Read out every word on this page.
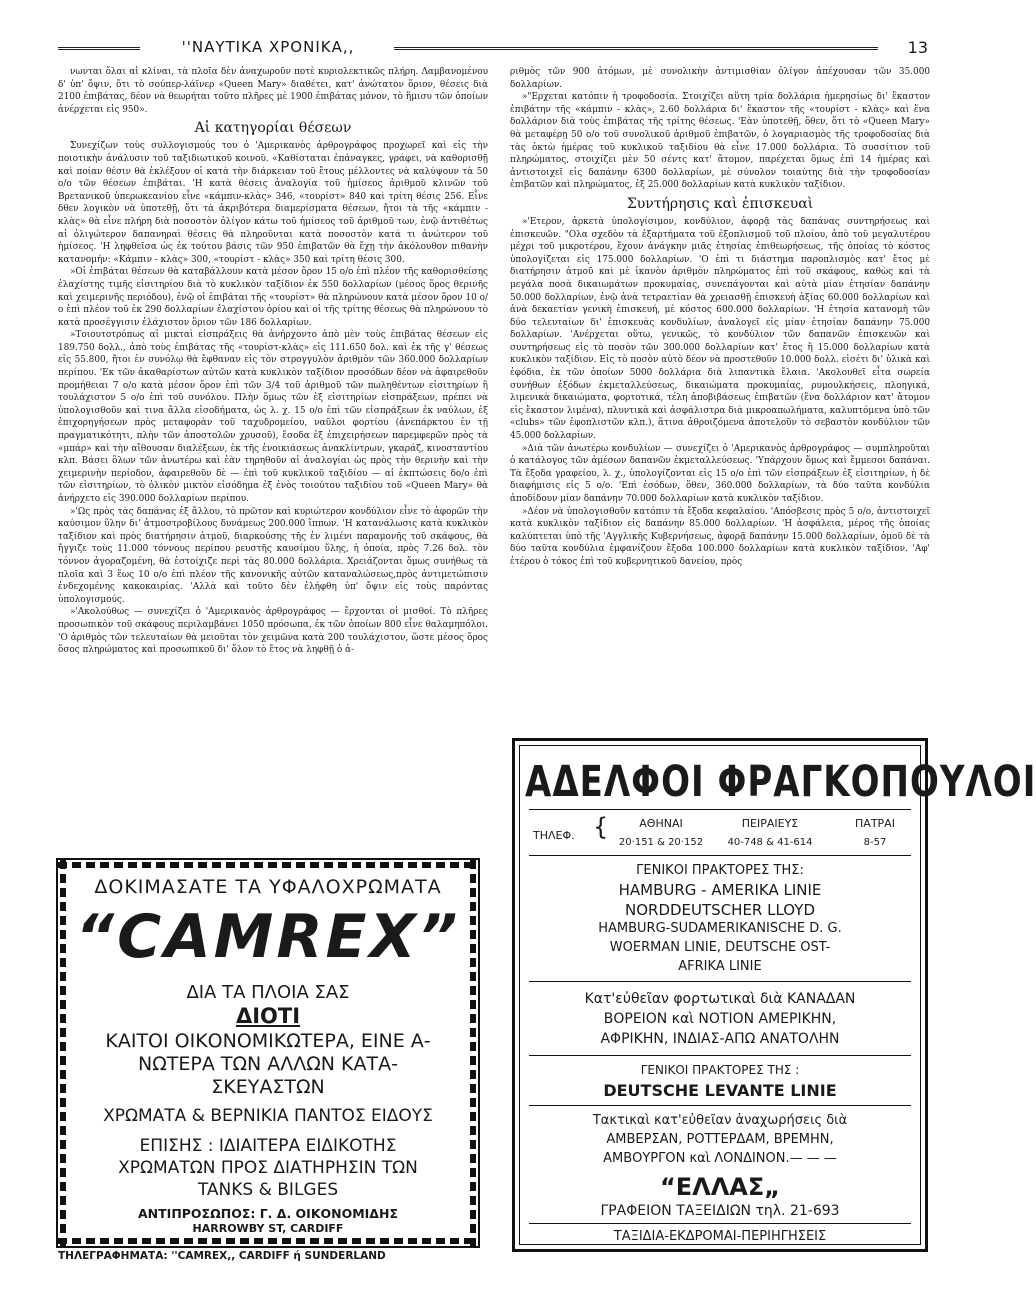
''ΝΑΥΤΙΚΑ ΧΡΟΝΙΚΑ,,	13

νωνται ὅλαι αἱ κλίναι, τὰ πλοῖα δὲν ἀναχωροῦν ποτὲ κυριολεκτικῶς πλήρη. Λαμβανομένου δ' ὑπ' ὄψιν, ὅτι τὸ σούπερ-λάϊνερ «Queen Mary» διαθέτει, κατ' ἀνώτατον ὅριον, θέσεις διὰ 2100 ἐπιβάτας, δέον νὰ θεωρήται τοῦτο πλῆρες μὲ 1900 ἐπιβάτας μόνον, τὸ ἥμισυ τῶν ὁποίων ἀνέρχεται εἰς 950».

Αἱ κατηγορίαι θέσεων

Συνεχίζων τοὺς συλλογισμούς του ὁ 'Αμερικανὸς ἀρθρογράφος προχωρεῖ καὶ εἰς τὴν ποιοτικὴν ἀνάλυσιν τοῦ ταξιδιωτικοῦ κοινοῦ. «Καθίσταται ἐπάναγκες, γράφει, νὰ καθορισθῇ καὶ ποίαν θέσιν θὰ ἐκλέξουν οἱ κατὰ τὴν διάρκειαν τοῦ ἔτους μέλλοντες νὰ καλύψουν τὰ 50 ο/ο τῶν θέσεων ἐπιβάται. 'Η κατὰ θέσεις ἀναλογία τοῦ ἡμίσεος ἀριθμοῦ κλινῶν τοῦ Βρετανικοῦ ὑπερωκεανίου εἶνε «κάμπιν-κλὰς» 346, «τουρίστ» 840 καὶ τρίτη θέσις 256. Εἶνε δθεν λογικὸν νὰ ὑποτεθῇ, ὅτι τὰ ἀκριβότερα διαμερίσματα θέσεων, ἤτοι τὰ τῆς «κάμπιν - κλὰς» θὰ εἶνε πλήρη διὰ ποσοστὸν ὀλίγον κάτω τοῦ ἡμίσεος τοῦ ἀριθμοῦ των, ἐνῷ ἀντιθέτως αἱ ὀλιγώτερον δαπανηραὶ θέσεις θὰ πληροῦνται κατὰ ποσοστὸν κατά τι ἀνώτερον τοῦ ἡμίσεος. 'Η ληφθεῖσα ὡς ἐκ τούτου βάσις τῶν 950 ἐπιβατῶν θὰ ἔχῃ τὴν ἀκόλουθον πιθανὴν κατανομήν: «Κάμπιν - κλὰς» 300, «τουρίστ - κλὰς» 350 καὶ τρίτη θέσις 300.

»Οἱ ἐπιβάται θέσεων θὰ καταβάλλουν κατὰ μέσον ὅρον 15 ο/ο ἐπὶ πλέον τῆς καθορισθείσης ἐλαχίστης τιμῆς εἰσιτηρίου διὰ τὸ κυκλικὸν ταξίδιον ἐκ 550 δολλαρίων (μέσος ὅρος θερινῆς καὶ χειμερινῆς περιόδου), ἐνῷ οἱ ἐπιβάται τῆς «τουρίστ» θὰ πληρώνουν κατὰ μέσον ὅρον 10 ο/ο ἐπὶ πλέον τοῦ ἐκ 290 δολλαρίων ἐλαχίστου ὁρίου καὶ οἱ τῆς τρίτης θέσεως θὰ πληρώνουν τὸ κατὰ προσέγγισιν ἐλάχιστον ὅριον τῶν 186 δολλαρίων.

»Τοιουτοτρόπως αἱ μικταὶ εἰσπράξεις θὰ ἀνήρχοντο ἀπὸ μὲν τοὺς ἐπιβάτας θέσεων εἰς 189.750 δολλ., ἀπὸ τοὺς ἐπιβάτας τῆς «τουρίστ-κλὰς» εἰς 111.650 δολ. καὶ ἐκ τῆς γ' θέσεως εἰς 55.800, ἤτοι ἐν συνόλῳ θὰ ἔφθαναν εἰς τὸν στρογγυλὸν ἀριθμὸν τῶν 360.000 δολλαρίων περίπου. 'Εκ τῶν ἀκαθαρίστων αὐτῶν κατὰ κυκλικὸν ταξίδιον προσόδων δέον νὰ ἀφαιρεθοῦν προμήθειαι 7 ο/ο κατὰ μέσον ὅρον ἐπὶ τῶν 3/4 τοῦ ἀριθμοῦ τῶν πωληθέντων εἰσιτηρίων ἢ τουλάχιστον 5 ο/ο ἐπὶ τοῦ συνόλου. Πλὴν ὅμως τῶν ἐξ εἰσιτηρίων εἰσπράξεων, πρέπει νὰ ὑπολογισθοῦν καὶ τινα ἄλλα εἰσοδήματα, ὡς λ. χ. 15 ο/ο ἐπὶ τῶν εἰσπράξεων ἐκ ναύλων, ἐξ ἐπιχορηγήσεων πρὸς μεταφορὰν τοῦ ταχυδρομείου, ναῦλοι φορτίου (ἀνεπάρκτου ἐν τῇ πραγματικότητι, πλὴν τῶν ἀποστολῶν χρυσοῦ), ἔσοδα ἐξ ἐπιχειρήσεων παρεμφερῶν πρὸς τὰ «μπάρ» καὶ τὴν αἴθουσαν διαλέξεων, ἐκ τῆς ἐνοικιάσεως ἀνακλίντρων, γκαράζ, κινοσταντίου κλπ. Βάσει ὅλων τῶν ἀνωτέρω καὶ ἐὰν τηρηθοῦν αἱ ἀναλογίαι ὡς πρὸς τὴν θερινὴν καὶ τὴν χειμερινὴν περίοδον, ἀφαιρεθοῦν δὲ — ἐπὶ τοῦ κυκλικοῦ ταξιδίου — αἱ ἐκπτώσεις δο/ο ἐπὶ τῶν εἰσιτηρίων, τὸ ὁλικὸν μικτὸν εἰσόδημα ἐξ ἑνὸς τοιούτου ταξιδίου τοῦ «Queen Mary» θὰ ἀνήρχετο εἰς 390.000 δολλαρίων περίπου.

»'Ως πρὸς τὰς δαπάνας ἐξ ἄλλου, τὸ πρῶτον καὶ κυριώτερον κονδύλιον εἶνε τὸ ἀφορῶν τὴν καύσιμον ὕλην δι' ἀτμοστροβίλους δυνάμεως 200.000 ἵππων. 'Η κατανάλωσις κατὰ κυκλικὸν ταξίδιον καὶ πρὸς διατήρησιν ἀτμοῦ, διαρκούσης τῆς ἐν λιμένι παραμονῆς τοῦ σκάφους, θὰ ἤγγιζε τοὺς 11.000 τόννους περίπου ρευστῆς καυσίμου ὕλης, ἡ ὁποία, πρὸς 7.26 δολ. τὸν τόννον ἀγοραζομένη, θὰ ἐστοίχιζε περὶ τὰς 80.000 δολλάρια. Χρειάζονται ὅμως συνήθως τὰ πλοῖα καὶ 3 ἕως 10 ο/ο ἐπὶ πλέον τῆς κανονικῆς αὐτῶν καταναλώσεως,πρὸς ἀντιμετώπισιν ἐνδεχομένης κακοκαιρίας. 'Αλλὰ καὶ τοῦτο δὲν ἐλήφθη ὑπ' ὄψιν εἰς τοὺς παρόντας ὑπολογισμούς.

»'Ακολούθως — συνεχίζει ὁ 'Αμερικανὸς ἀρθρογράφος — ἔρχονται οἱ μισθοί. Τὸ πλῆρες προσωπικὸν τοῦ σκάφους περιλαμβάνει 1050 πρόσωπα, ἐκ τῶν ὁποίων 800 εἶνε θαλαμηπόλοι. 'Ο ἀριθμὸς τῶν τελευταίων θὰ μειοῦται τὸν χειμῶνα κατὰ 200 τουλάχιστον, ὥστε μέσος ὅρος ὅσος πληρώματος καὶ προσωπικοῦ δι' ὅλον τὸ ἔτος νὰ ληφθῇ ὁ ἀ-

ριθμὸς τῶν 900 ἀτόμων, μὲ συνολικὴν ἀντιμισθίαν ὀλίγον ἀπέχουσαν τῶν 35.000 δολλαρίων.

»"Ερχεται κατόπιν ἡ τροφοδοσία. Στοιχίζει αὕτη τρία δολλάρια ἡμερησίως δι' ἕκαστον ἐπιβάτην τῆς «κάμπιν - κλὰς», 2.60 δολλάρια δι' ἕκαστον τῆς «τουρίστ - κλὰς» καὶ ἕνα δολλάριον διὰ τοὺς ἐπιβάτας τῆς τρίτης θέσεως. 'Εὰν ὑποτεθῇ, ὅθεν, ὅτι τὸ «Queen Mary» θὰ μεταφέρῃ 50 ο/ο τοῦ συνολικοῦ ἀριθμοῦ ἐπιβατῶν, ὁ λογαριασμὸς τῆς τροφοδοσίας διὰ τὰς ὀκτὼ ἡμέρας τοῦ κυκλικοῦ ταξιδίου θὰ εἶνε 17.000 δολλάρια. Τὸ συσσίτιον τοῦ πληρώματος, στοιχίζει μὲν 50 σέντς κατ' ἄτομον, παρέχεται ὅμως ἐπὶ 14 ἡμέρας καὶ ἀντιστοιχεῖ εἰς δαπάνην 6300 δολλαρίων, μὲ σύνολον τοιαύτης διὰ τὴν τροφοδοσίαν ἐπιβατῶν καὶ πληρώματος, ἐξ 25.000 δολλαρίων κατὰ κυκλικὸν ταξίδιον.

Συντήρησις καὶ ἐπισκευαὶ

»'Ετερον, ἀρκετὰ ὑπολογίσιμον, κονδύλιον, ἀφορᾷ τὰς δαπάνας συντηρήσεως καὶ ἐπισκευῶν. "Ολα σχεδὸν τὰ ἐξαρτήματα τοῦ ἐξοπλισμοῦ τοῦ πλοίου, ἀπὸ τοῦ μεγαλυτέρου μέχρι τοῦ μικροτέρου, ἔχουν ἀνάγκην μιᾶς ἐτησίας ἐπιθεωρήσεως, τῆς ὁποίας τὸ κόστος ὑπολογίζεται εἰς 175.000 δολλαρίων. 'Ο ἐπὶ τι διάστημα παροπλισμὸς κατ' ἔτος μὲ διατήρησιν ἀτμοῦ καὶ μὲ ἱκανὸν ἀριθμὸν πληρώματος ἐπὶ τοῦ σκάφους, καθὼς καὶ τὰ μεγάλα ποσὰ δικαιωμάτων προκυμαίας, συνεπάγονται καὶ αὐτὰ μίαν ἐτησίαν δαπάνην 50.000 δολλαρίων, ἐνῷ ἀνὰ τετραετίαν θὰ χρειασθῇ ἐπισκευὴ ἀξίας 60.000 δολλαρίων καὶ ἀνὰ δεκαετίαν γενικὴ ἐπισκευή, μὲ κόστος 600.000 δολλαρίων. 'Η ἐτησία κατανομὴ τῶν δύο τελευταίων δι' ἐπισκευὰς κονδυλίων, ἀναλογεῖ εἰς μίαν ἐτησίαν δαπάνην 75.000 δολλαρίων. 'Ανέρχεται οὕτω, γενικῶς, τὸ κονδύλιον τῶν δαπανῶν ἐπισκευῶν καὶ συντηρήσεως εἰς τὸ ποσὸν τῶν 300.000 δολλαρίων κατ' ἔτος ἢ 15.000 δολλαρίων κατὰ κυκλικὸν ταξίδιον. Εἰς τὸ ποσὸν αὐτὸ δέον νὰ προστεθοῦν 10.000 δολλ. εἰσέτι δι' ὑλικὰ καὶ ἐφόδια, ἐκ τῶν ὁποίων 5000 δολλάρια διὰ λιπαντικὰ ἔλαια. 'Ακολουθεῖ εἶτα σωρεία συνήθων ἐξόδων ἐκμεταλλεύσεως, δικαιώματα προκυμαίας, ρυμουλκήσεις, πλοηγικά, λιμενικὰ δικαιώματα, φορτοτικά, τέλη ἀποβιβάσεως ἐπιβατῶν (ἕνα δολλάριον κατ' ἄτομον εἰς ἕκαστον λιμένα), πλυντικὰ καὶ ἀσφάλιστρα διὰ μικροαπωλήματα, καλυπτόμενα ὑπὸ τῶν «clubs» τῶν ἐφοπλιστῶν κλπ.), ἅτινα ἀθροιζόμενα ἀποτελοῦν τὸ σεβαστὸν κονδύλιον τῶν 45.000 δολλαρίων.

»Διὰ τῶν ἀνωτέρω κονδυλίων — συνεχίζει ὁ 'Αμερικανὸς ἀρθρογράφος — συμπληροῦται ὁ κατάλογος τῶν ἀμέσων δαπανῶν ἐκμεταλλεύσεως. 'Υπάρχουν ὅμως καὶ ἔμμεσοι δαπάναι. Τὰ ἔξοδα γραφείου, λ. χ., ὑπολογίζονται εἰς 15 ο/ο ἐπὶ τῶν εἰσπράξεων ἐξ εἰσιτηρίων, ἡ δὲ διαφήμισις εἰς 5 ο/ο. 'Επὶ ἐσόδων, ὅθεν, 360.000 δολλαρίων, τὰ δύο ταῦτα κονδύλια ἀποδίδουν μίαν δαπάνην 70.000 δολλαρίων κατὰ κυκλικὸν ταξίδιον.

»Δέον νὰ ὑπολογισθοῦν κατόπιν τὰ ἔξοδα κεφαλαίου. 'Απόσβεσις πρὸς 5 ο/ο, ἀντιστοιχεῖ κατὰ κυκλικὸν ταξίδιον εἰς δαπάνην 85.000 δολλαρίων. 'Η ἀσφάλεια, μέρος τῆς ὁποίας καλύπτεται ὑπὸ τῆς 'Αγγλικῆς Κυβερνήσεως, ἀφορᾷ δαπάνην 15.000 δολλαρίων, ὁμοῦ δὲ τὰ δύο ταῦτα κονδύλια ἐμφανίζουν ἔξοδα 100.000 δολλαρίων κατὰ κυκλικὸν ταξίδιον. 'Αφ' ἑτέρου ὁ τόκος ἐπὶ τοῦ κυβερνητικοῦ δανείου, πρὸς

ΔΟΚΙΜΑΣΑΤΕ ΤΑ ΥΦΑΛΟΧΡΩΜΑΤΑ
“CAMREX”
ΔΙΑ ΤΑ ΠΛΟΙΑ ΣΑΣ
ΔΙΟΤΙ
ΚΑΙΤΟΙ ΟΙΚΟΝΟΜΙΚΩΤΕΡΑ, ΕΙΝΕ Α-
ΝΩΤΕΡΑ ΤΩΝ ΑΛΛΩΝ ΚΑΤΑ-
ΣΚΕΥΑΣΤΩΝ
ΧΡΩΜΑΤΑ & ΒΕΡΝΙΚΙΑ ΠΑΝΤΟΣ ΕΙΔΟΥΣ
ΕΠΙΣΗΣ : ΙΔΙΑΙΤΕΡΑ ΕΙΔΙΚΟΤΗΣ
ΧΡΩΜΑΤΩΝ ΠΡΟΣ ΔΙΑΤΗΡΗΣΙΝ ΤΩΝ
TANKS & BILGES
ΑΝΤΙΠΡΟΣΩΠΟΣ: Γ. Δ. ΟΙΚΟΝΟΜΙΔΗΣ
HARROWBY ST, CARDIFF
ΤΗΛΕΓΡΑΦΗΜΑΤΑ: ''CAMREX,, CARDIFF ή SUNDERLAND
ΑΔΕΛΦΟΙ ΦΡΑΓΚΟΠΟΥΛΟΙ
ΤΗΛΕΦ. {	ΑΘΗΝΑΙ	ΠΕΙΡΑΙΕΥΣ	ΠΑΤΡΑΙ
20·151 & 20·152	40-748 & 41-614	8-57
ΓΕΝΙΚΟΙ ΠΡΑΚΤΟΡΕΣ ΤΗΣ:
HAMBURG - AMERIKA LINIE
NORDDEUTSCHER LLOYD
HAMBURG-SUDAMERIKANISCHE D. G.
WOERMAN LINIE, DEUTSCHE OST-
AFRIKA LINIE
Κατ'εὐθεῖαν φορτωτικαὶ διὰ ΚΑΝΑΔΑΝ
ΒΟΡΕΙΟΝ καὶ ΝΟΤΙΟΝ ΑΜΕΡΙΚΗΝ,
ΑΦΡΙΚΗΝ, ΙΝΔΙΑΣ-ΑΠΩ ΑΝΑΤΟΛΗΝ
ΓΕΝΙΚΟΙ ΠΡΑΚΤΟΡΕΣ ΤΗΣ :
DEUTSCHE LEVANTE LINIE
Τακτικαὶ κατ'εὐθεῖαν ἀναχωρήσεις διὰ
ΑΜΒΕΡΣΑΝ, ΡΟΤΤΕΡΔΑΜ, ΒΡΕΜΗΝ,
ΑΜΒΟΥΡΓΟΝ καὶ ΛΟΝΔΙΝΟΝ.— — —
“ΕΛΛΑΣ„
ΓΡΑΦΕΙΟΝ ΤΑΞΕΙΔΙΩΝ τηλ. 21-693
ΤΑΞΙΔΙΑ-ΕΚΔΡΟΜΑΙ-ΠΕΡΙΗΓΗΣΕΙΣ
